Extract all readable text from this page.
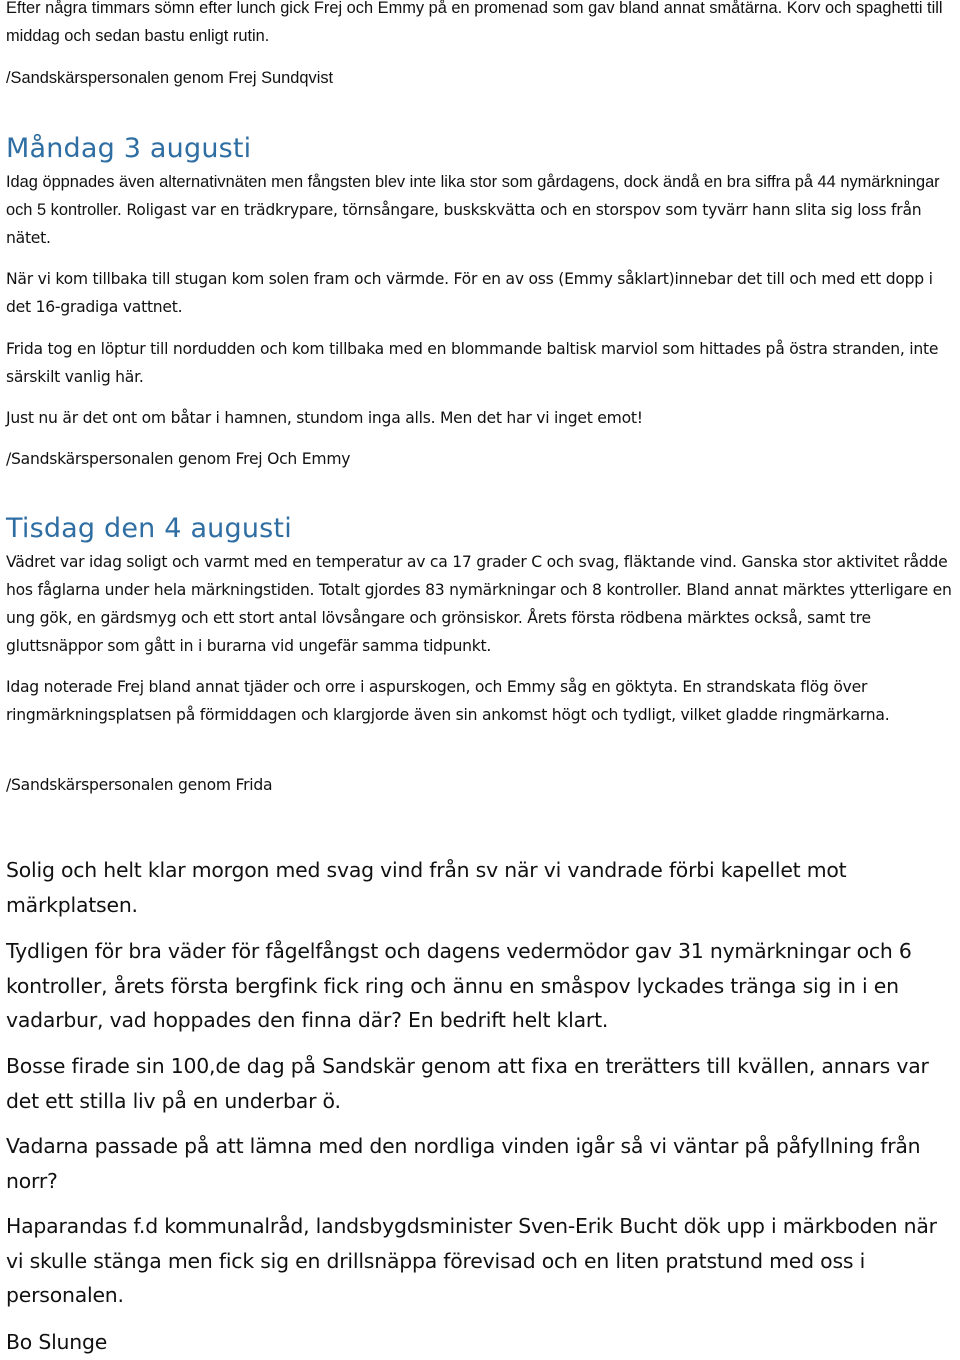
Efter några timmars sömn efter lunch gick Frej och Emmy på en promenad som gav bland annat småtärna. Korv och spaghetti till middag och sedan bastu enligt rutin.

/Sandskärspersonalen genom Frej Sundqvist

Måndag 3 augusti

Idag öppnades även alternativnäten men fångsten blev inte lika stor som gårdagens, dock ändå en bra siffra på 44 nymärkningar och 5 kontroller. Roligast var en trädkrypare, törnsångare, buskskvätta och en storspov som tyvärr hann slita sig loss från nätet.

När vi kom tillbaka till stugan kom solen fram och värmde. För en av oss (Emmy såklart)innebar det till och med ett dopp i det 16-gradiga vattnet.

Frida tog en löptur till nordudden och kom tillbaka med en blommande baltisk marviol som hittades på östra stranden, inte särskilt vanlig här.

Just nu är det ont om båtar i hamnen, stundom inga alls. Men det har vi inget emot!

/Sandskärspersonalen genom Frej Och Emmy

Tisdag den 4 augusti

Vädret var idag soligt och varmt med en temperatur av ca 17 grader C och svag, fläktande vind. Ganska stor aktivitet rådde hos fåglarna under hela märkningstiden. Totalt gjordes 83 nymärkningar och 8 kontroller. Bland annat märktes ytterligare en ung gök, en gärdsmyg och ett stort antal lövsångare och grönsiskor. Årets första rödbena märktes också, samt tre gluttsnäppor som gått in i burarna vid ungefär samma tidpunkt.

Idag noterade Frej bland annat tjäder och orre i aspurskogen, och Emmy såg en göktyta. En strandskata flög över ringmärkningsplatsen på förmiddagen och klargjorde även sin ankomst högt och tydligt, vilket gladde ringmärkarna.

/Sandskärspersonalen genom Frida

Solig och helt klar morgon med svag vind från sv när vi vandrade förbi kapellet mot märkplatsen.

Tydligen för bra väder för fågelfångst och dagens vedermödor gav 31 nymärkningar och 6 kontroller, årets första bergfink fick ring och ännu en småspov lyckades tränga sig in i en vadarbur, vad hoppades den finna där? En bedrift helt klart.

Bosse firade sin 100,de dag på Sandskär genom att fixa en trerätters till kvällen, annars var det ett stilla liv på en underbar ö.

Vadarna passade på att lämna med den nordliga vinden igår så vi väntar på påfyllning från norr?

Haparandas f.d kommunalråd, landsbygdsminister Sven-Erik Bucht dök upp i märkboden när vi skulle stänga men fick sig en drillsnäppa förevisad och en liten pratstund med oss i personalen.

Bo Slunge
